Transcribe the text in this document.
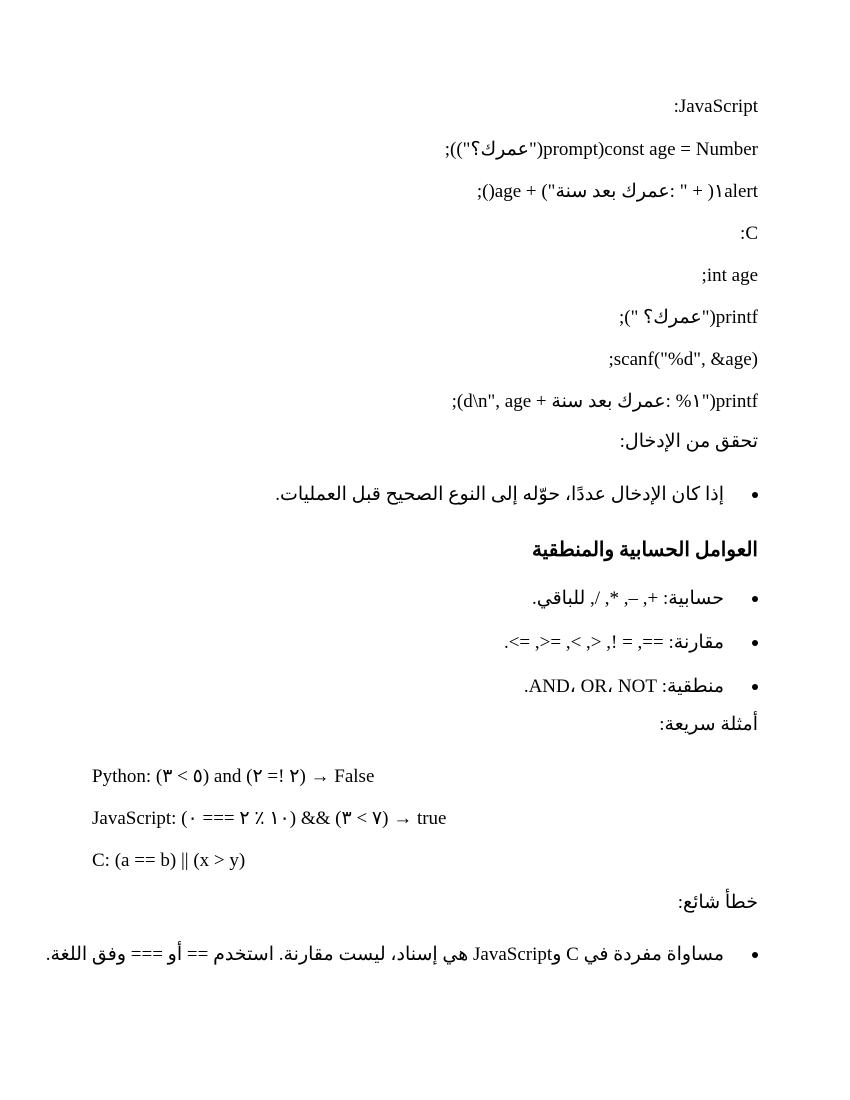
:JavaScript
;(("عمرك؟")prompt)const age = Number
;()age + ١( + " :عمرك بعد سنة")alert
:C
;int age
;(" عمرك؟")printf
;scanf("%d", &age)
;(d\n", age + ١% :عمرك بعد سنة")printf
تحقق من الإدخال:
إذا كان الإدخال عددًا، حوّله إلى النوع الصحيح قبل العمليات.
العوامل الحسابية والمنطقية
حسابية: +, –, *, /, للباقي.
مقارنة: ==, = !, <, >, =<, =>.
منطقية: AND، OR، NOT.
أمثلة سريعة:
Python: (٥ > ٣) and (٢ != ٢) → False
JavaScript: (١٠ ٪ ٢ === ٠) && (٧ > ٣) → true
C: (a == b) || (x > y)
خطأ شائع:
مساواة مفردة في C وJavaScript هي إسناد، ليست مقارنة. استخدم == أو === وفق اللغة.
